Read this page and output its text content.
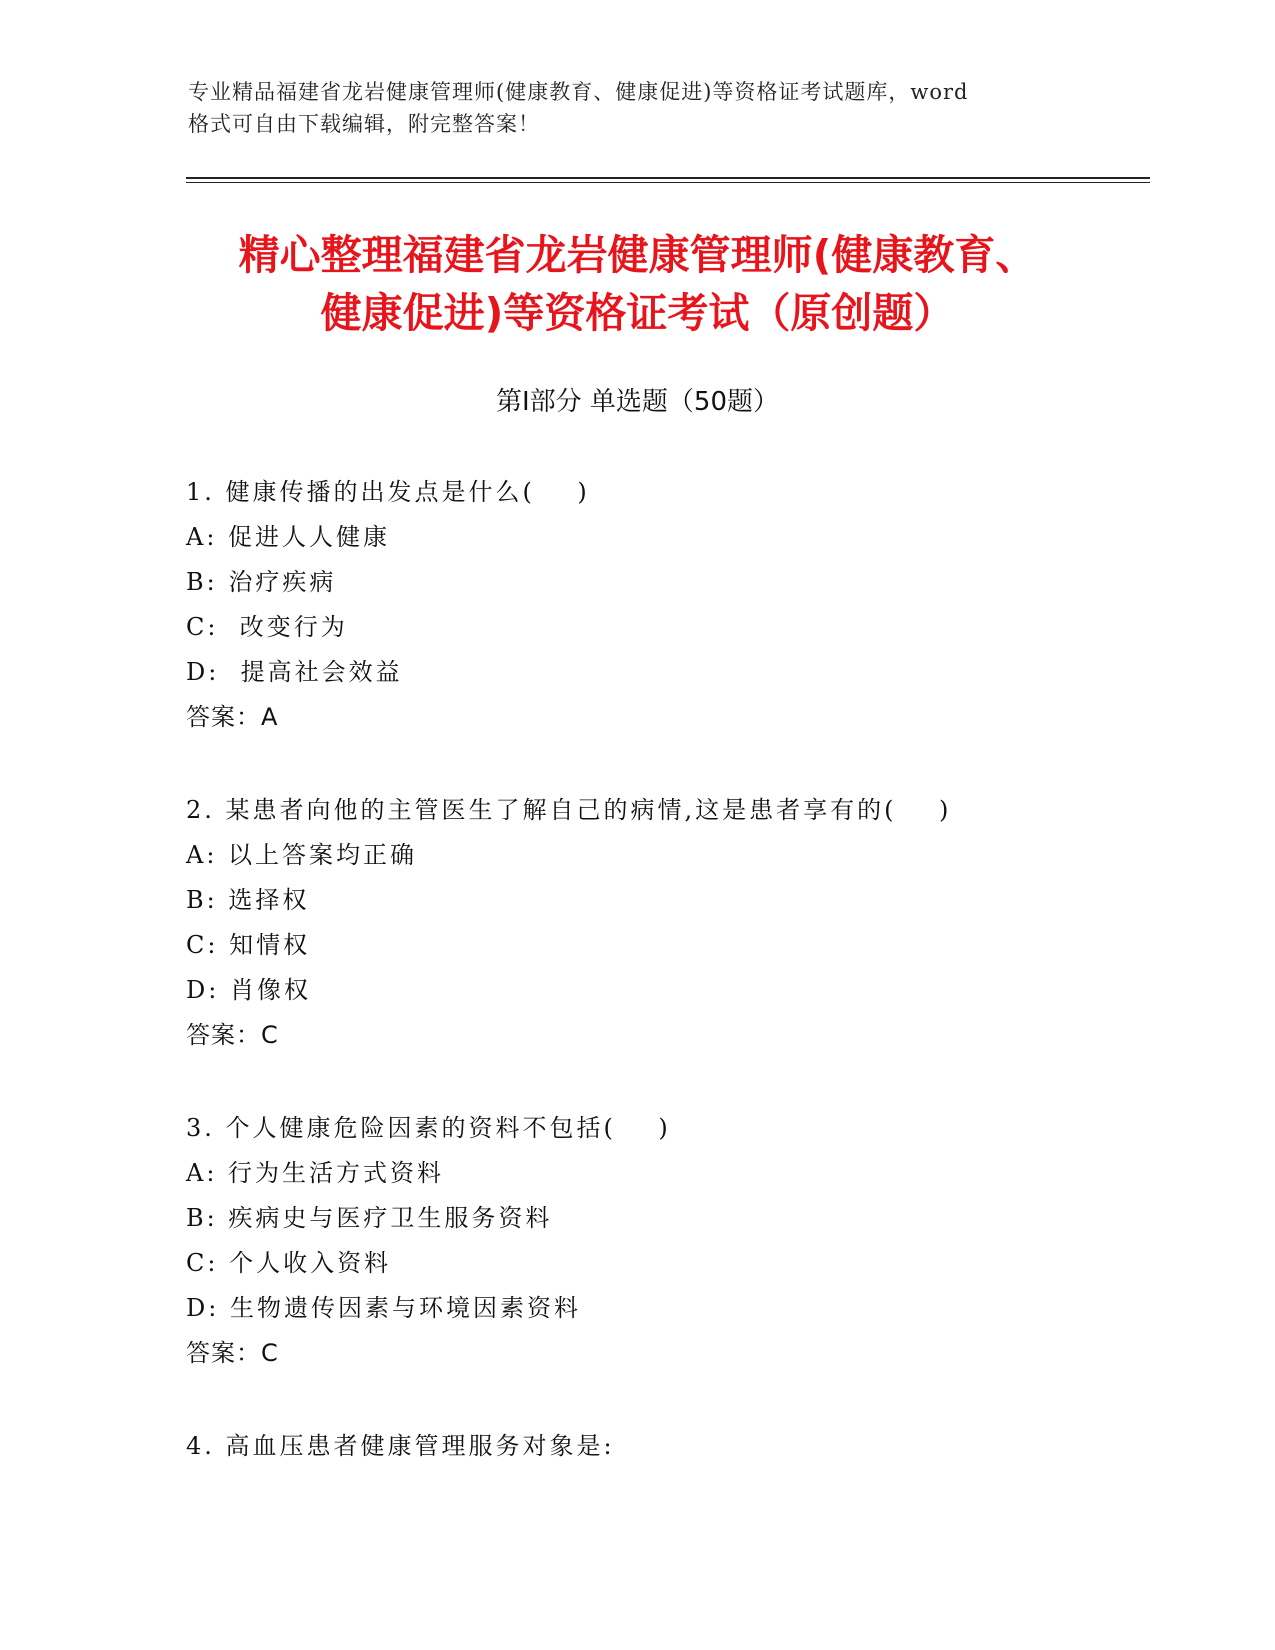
专业精品福建省龙岩健康管理师(健康教育、健康促进)等资格证考试题库，word
格式可自由下载编辑，附完整答案！
精心整理福建省龙岩健康管理师(健康教育、
健康促进)等资格证考试（原创题）
第Ⅰ部分 单选题（50题）
1. 健康传播的出发点是什么(    )
A: 促进人人健康
B: 治疗疾病
C:  改变行为
D:  提高社会效益
答案：A
2. 某患者向他的主管医生了解自己的病情,这是患者享有的(    )
A: 以上答案均正确
B: 选择权
C: 知情权
D: 肖像权
答案：C
3. 个人健康危险因素的资料不包括(    )
A: 行为生活方式资料
B: 疾病史与医疗卫生服务资料
C: 个人收入资料
D: 生物遗传因素与环境因素资料
答案：C
4. 高血压患者健康管理服务对象是:
